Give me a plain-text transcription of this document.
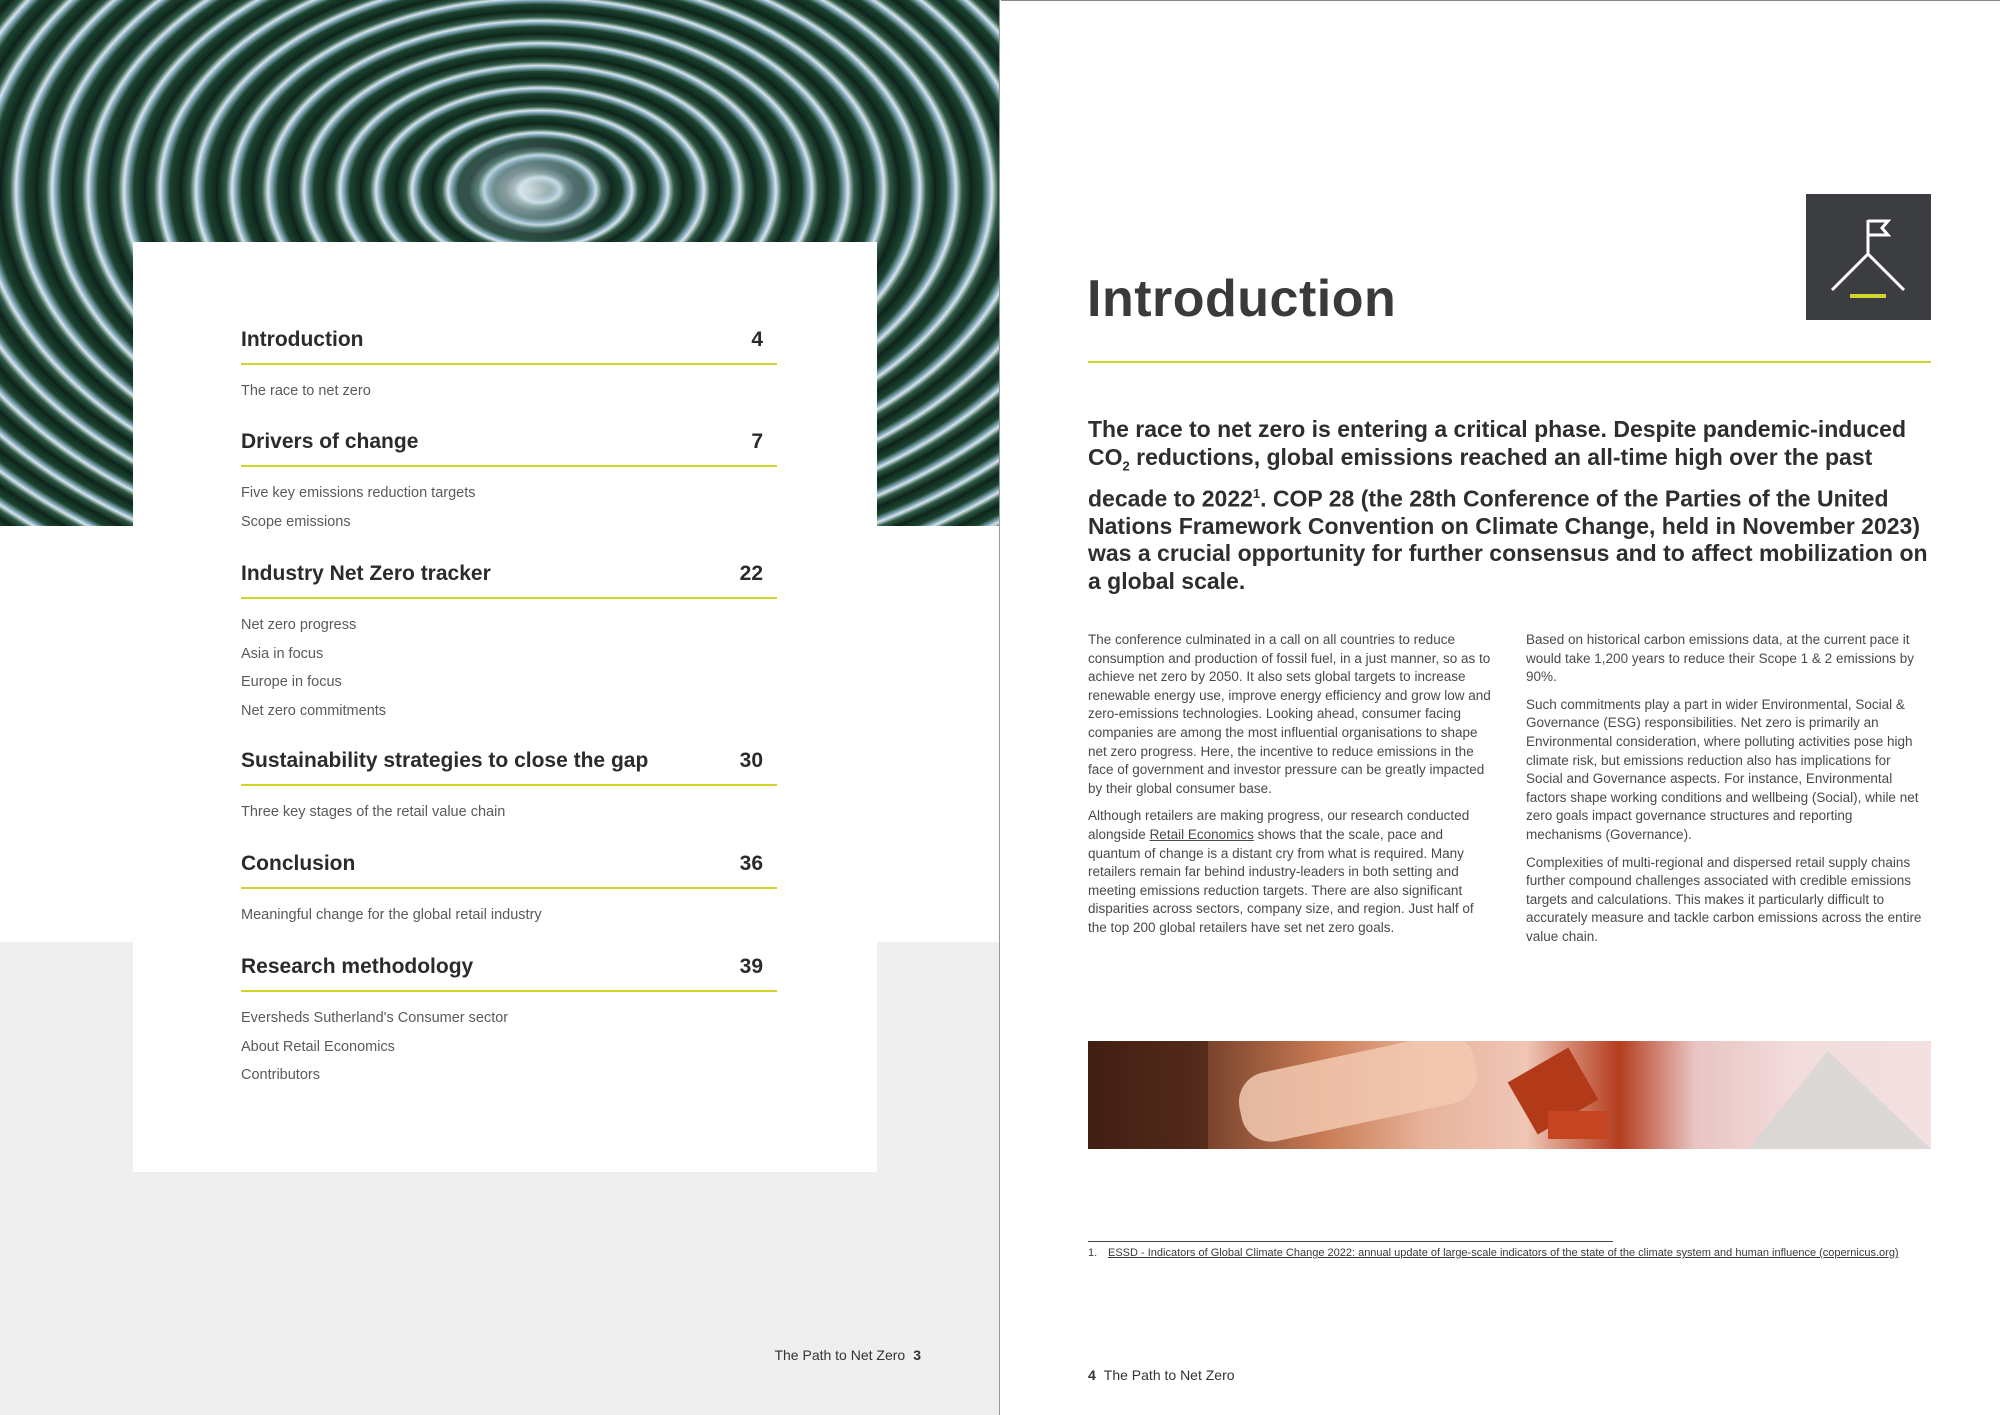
Introduction	4
The race to net zero
Drivers of change	7
Five key emissions reduction targets
Scope emissions
Industry Net Zero tracker	22
Net zero progress
Asia in focus
Europe in focus
Net zero commitments
Sustainability strategies to close the gap	30
Three key stages of the retail value chain
Conclusion	36
Meaningful change for the global retail industry
Research methodology	39
Eversheds Sutherland's Consumer sector
About Retail Economics
Contributors
The Path to Net Zero 3
Introduction

The race to net zero is entering a critical phase. Despite pandemic-induced $CO_2$ reductions, global emissions reached an all-time high over the past decade to 2022$^1$. COP 28 (the 28th Conference of the Parties of the United Nations Framework Convention on Climate Change, held in November 2023) was a crucial opportunity for further consensus and to affect mobilization on a global scale.

The conference culminated in a call on all countries to reduce consumption and production of fossil fuel, in a just manner, so as to achieve net zero by 2050. It also sets global targets to increase renewable energy use, improve energy efficiency and grow low and zero-emissions technologies. Looking ahead, consumer facing companies are among the most influential organisations to shape net zero progress. Here, the incentive to reduce emissions in the face of government and investor pressure can be greatly impacted by their global consumer base.

Although retailers are making progress, our research conducted alongside Retail Economics shows that the scale, pace and quantum of change is a distant cry from what is required. Many retailers remain far behind industry-leaders in both setting and meeting emissions reduction targets. There are also significant disparities across sectors, company size, and region. Just half of the top 200 global retailers have set net zero goals.

Based on historical carbon emissions data, at the current pace it would take 1,200 years to reduce their Scope 1 & 2 emissions by 90%.

Such commitments play a part in wider Environmental, Social & Governance (ESG) responsibilities. Net zero is primarily an Environmental consideration, where polluting activities pose high climate risk, but emissions reduction also has implications for Social and Governance aspects. For instance, Environmental factors shape working conditions and wellbeing (Social), while net zero goals impact governance structures and reporting mechanisms (Governance).

Complexities of multi-regional and dispersed retail supply chains further compound challenges associated with credible emissions targets and calculations. This makes it particularly difficult to accurately measure and tackle carbon emissions across the entire value chain.

1. ESSD - Indicators of Global Climate Change 2022: annual update of large-scale indicators of the state of the climate system and human influence (copernicus.org)
4 The Path to Net Zero
